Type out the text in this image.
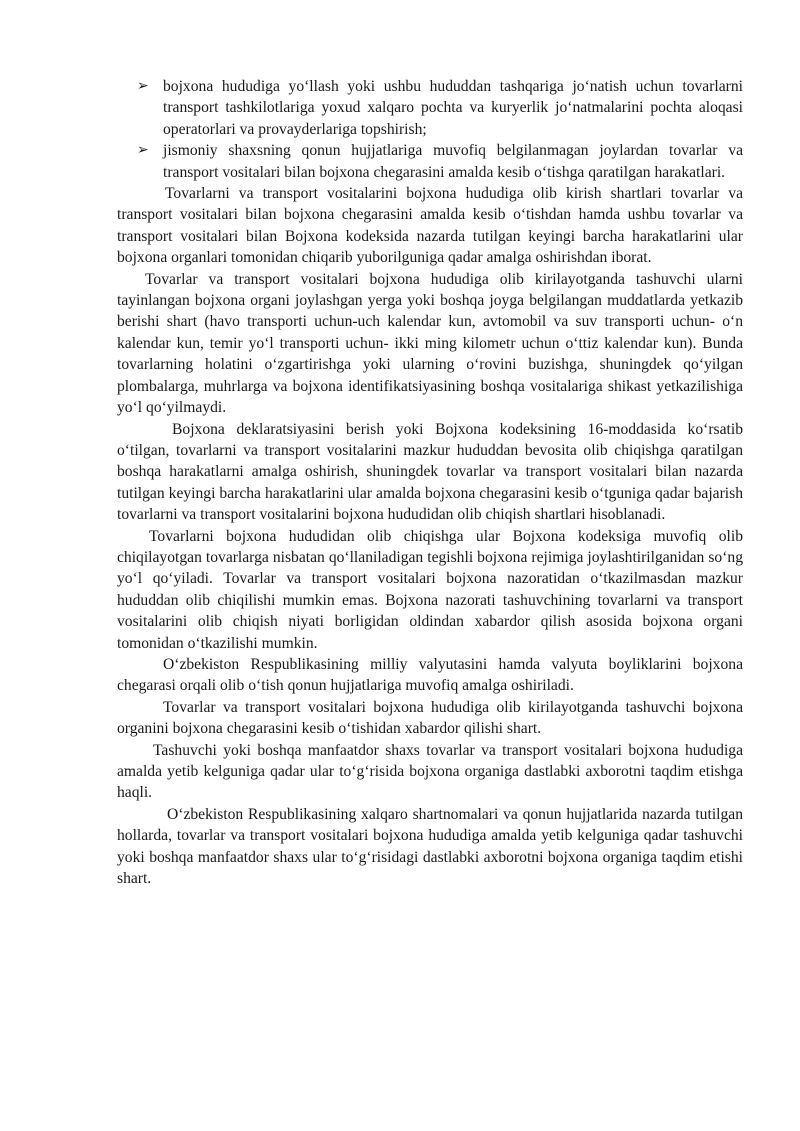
➢ bojxona hududiga yo‘llash yoki ushbu hududdan tashqariga jo‘natish uchun tovarlarni transport tashkilotlariga yoxud xalqaro pochta va kuryerlik jo‘natmalarini pochta aloqasi operatorlari va provayderlariga topshirish;

➢ jismoniy shaxsning qonun hujjatlariga muvofiq belgilanmagan joylardan tovarlar va transport vositalari bilan bojxona chegarasini amalda kesib o‘tishga qaratilgan harakatlari.

Tovarlarni va transport vositalarini bojxona hududiga olib kirish shartlari tovarlar va transport vositalari bilan bojxona chegarasini amalda kesib o‘tishdan hamda ushbu tovarlar va transport vositalari bilan Bojxona kodeksida nazarda tutilgan keyingi barcha harakatlarini ular bojxona organlari tomonidan chiqarib yuborilguniga qadar amalga oshirishdan iborat.

Tovarlar va transport vositalari bojxona hududiga olib kirilayotganda tashuvchi ularni tayinlangan bojxona organi joylashgan yerga yoki boshqa joyga belgilangan muddatlarda yetkazib berishi shart (havo transporti uchun-uch kalendar kun, avtomobil va suv transporti uchun- o‘n kalendar kun, temir yo‘l transporti uchun- ikki ming kilometr uchun o‘ttiz kalendar kun). Bunda tovarlarning holatini o‘zgartirishga yoki ularning o‘rovini buzishga, shuningdek qo‘yilgan plombalarga, muhrlarga va bojxona identifikatsiyasining boshqa vositalariga shikast yetkazilishiga yo‘l qo‘yilmaydi.

Bojxona deklaratsiyasini berish yoki Bojxona kodeksining 16-moddasida ko‘rsatib o‘tilgan, tovarlarni va transport vositalarini mazkur hududdan bevosita olib chiqishga qaratilgan boshqa harakatlarni amalga oshirish, shuningdek tovarlar va transport vositalari bilan nazarda tutilgan keyingi barcha harakatlarini ular amalda bojxona chegarasini kesib o‘tguniga qadar bajarish tovarlarni va transport vositalarini bojxona hududidan olib chiqish shartlari hisoblanadi.

Tovarlarni bojxona hududidan olib chiqishga ular Bojxona kodeksiga muvofiq olib chiqilayotgan tovarlarga nisbatan qo‘llaniladigan tegishli bojxona rejimiga joylashtirilganidan so‘ng yo‘l qo‘yiladi. Tovarlar va transport vositalari bojxona nazoratidan o‘tkazilmasdan mazkur hududdan olib chiqilishi mumkin emas. Bojxona nazorati tashuvchining tovarlarni va transport vositalarini olib chiqish niyati borligidan oldindan xabardor qilish asosida bojxona organi tomonidan o‘tkazilishi mumkin.

O‘zbekiston Respublikasining milliy valyutasini hamda valyuta boyliklarini bojxona chegarasi orqali olib o‘tish qonun hujjatlariga muvofiq amalga oshiriladi.

Tovarlar va transport vositalari bojxona hududiga olib kirilayotganda tashuvchi bojxona organini bojxona chegarasini kesib o‘tishidan xabardor qilishi shart.

Tashuvchi yoki boshqa manfaatdor shaxs tovarlar va transport vositalari bojxona hududiga amalda yetib kelguniga qadar ular to‘g‘risida bojxona organiga dastlabki axborotni taqdim etishga haqli.

O‘zbekiston Respublikasining xalqaro shartnomalari va qonun hujjatlarida nazarda tutilgan hollarda, tovarlar va transport vositalari bojxona hududiga amalda yetib kelguniga qadar tashuvchi yoki boshqa manfaatdor shaxs ular to‘g‘risidagi dastlabki axborotni bojxona organiga taqdim etishi shart.
